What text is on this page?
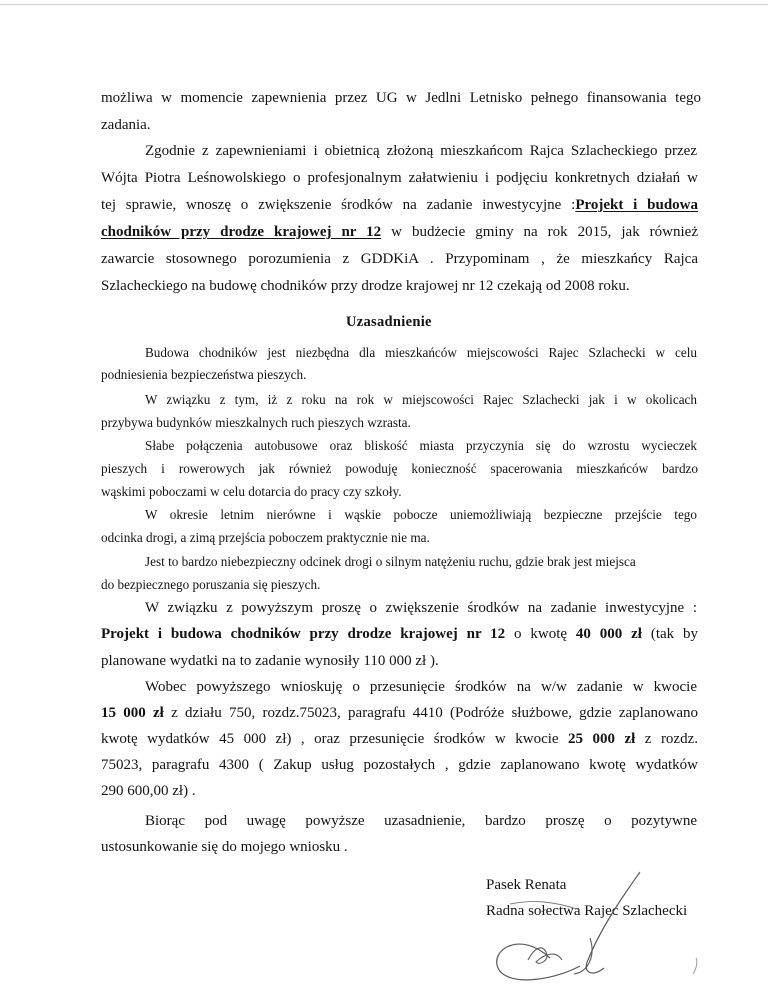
możliwa w momencie zapewnienia przez UG w Jedlni Letnisko pełnego finansowania tego

zadania.

Zgodnie z zapewnieniami i obietnicą złożoną mieszkańcom Rajca Szlacheckiego przez

Wójta Piotra Leśnowolskiego o profesjonalnym załatwieniu i podjęciu konkretnych działań w

tej sprawie, wnoszę o zwiększenie środków na zadanie inwestycyjne :Projekt i budowa

chodników przy drodze krajowej nr 12 w budżecie gminy na rok 2015, jak również

zawarcie stosownego porozumienia z GDDKiA . Przypominam , że mieszkańcy Rajca

Szlacheckiego na budowę chodników przy drodze krajowej nr 12 czekają od 2008 roku.

Uzasadnienie

Budowa chodników jest niezbędna dla mieszkańców miejscowości Rajec Szlachecki w celu

podniesienia bezpieczeństwa pieszych.

W związku z tym, iż z roku na rok w miejscowości Rajec Szlachecki jak i w okolicach

przybywa budynków mieszkalnych ruch pieszych wzrasta.

Słabe połączenia autobusowe oraz bliskość miasta przyczynia się do wzrostu wycieczek

pieszych i rowerowych jak również powoduję konieczność spacerowania mieszkańców bardzo

wąskimi poboczami w celu dotarcia do pracy czy szkoły.

W okresie letnim nierówne i wąskie pobocze uniemożliwiają bezpieczne przejście tego

odcinka drogi, a zimą przejścia poboczem praktycznie nie ma.

Jest to bardzo niebezpieczny odcinek drogi o silnym natężeniu ruchu, gdzie brak jest miejsca

do bezpiecznego poruszania się pieszych.

W związku z powyższym proszę o zwiększenie środków na zadanie inwestycyjne :

Projekt i budowa chodników przy drodze krajowej nr 12 o kwotę 40 000 zł (tak by

planowane wydatki na to zadanie wynosiły 110 000 zł ).

Wobec powyższego wnioskuję o przesunięcie środków na w/w zadanie w kwocie

15 000 zł z działu 750, rozdz.75023, paragrafu 4410 (Podróże służbowe, gdzie zaplanowano

kwotę wydatków 45 000 zł) , oraz przesunięcie środków w kwocie 25 000 zł z rozdz.

75023, paragrafu 4300 ( Zakup usług pozostałych , gdzie zaplanowano kwotę wydatków

290 600,00 zł) .

Biorąc pod uwagę powyższe uzasadnienie, bardzo proszę o pozytywne

ustosunkowanie się do mojego wniosku .

Pasek Renata

Radna sołectwa Rajec Szlachecki
